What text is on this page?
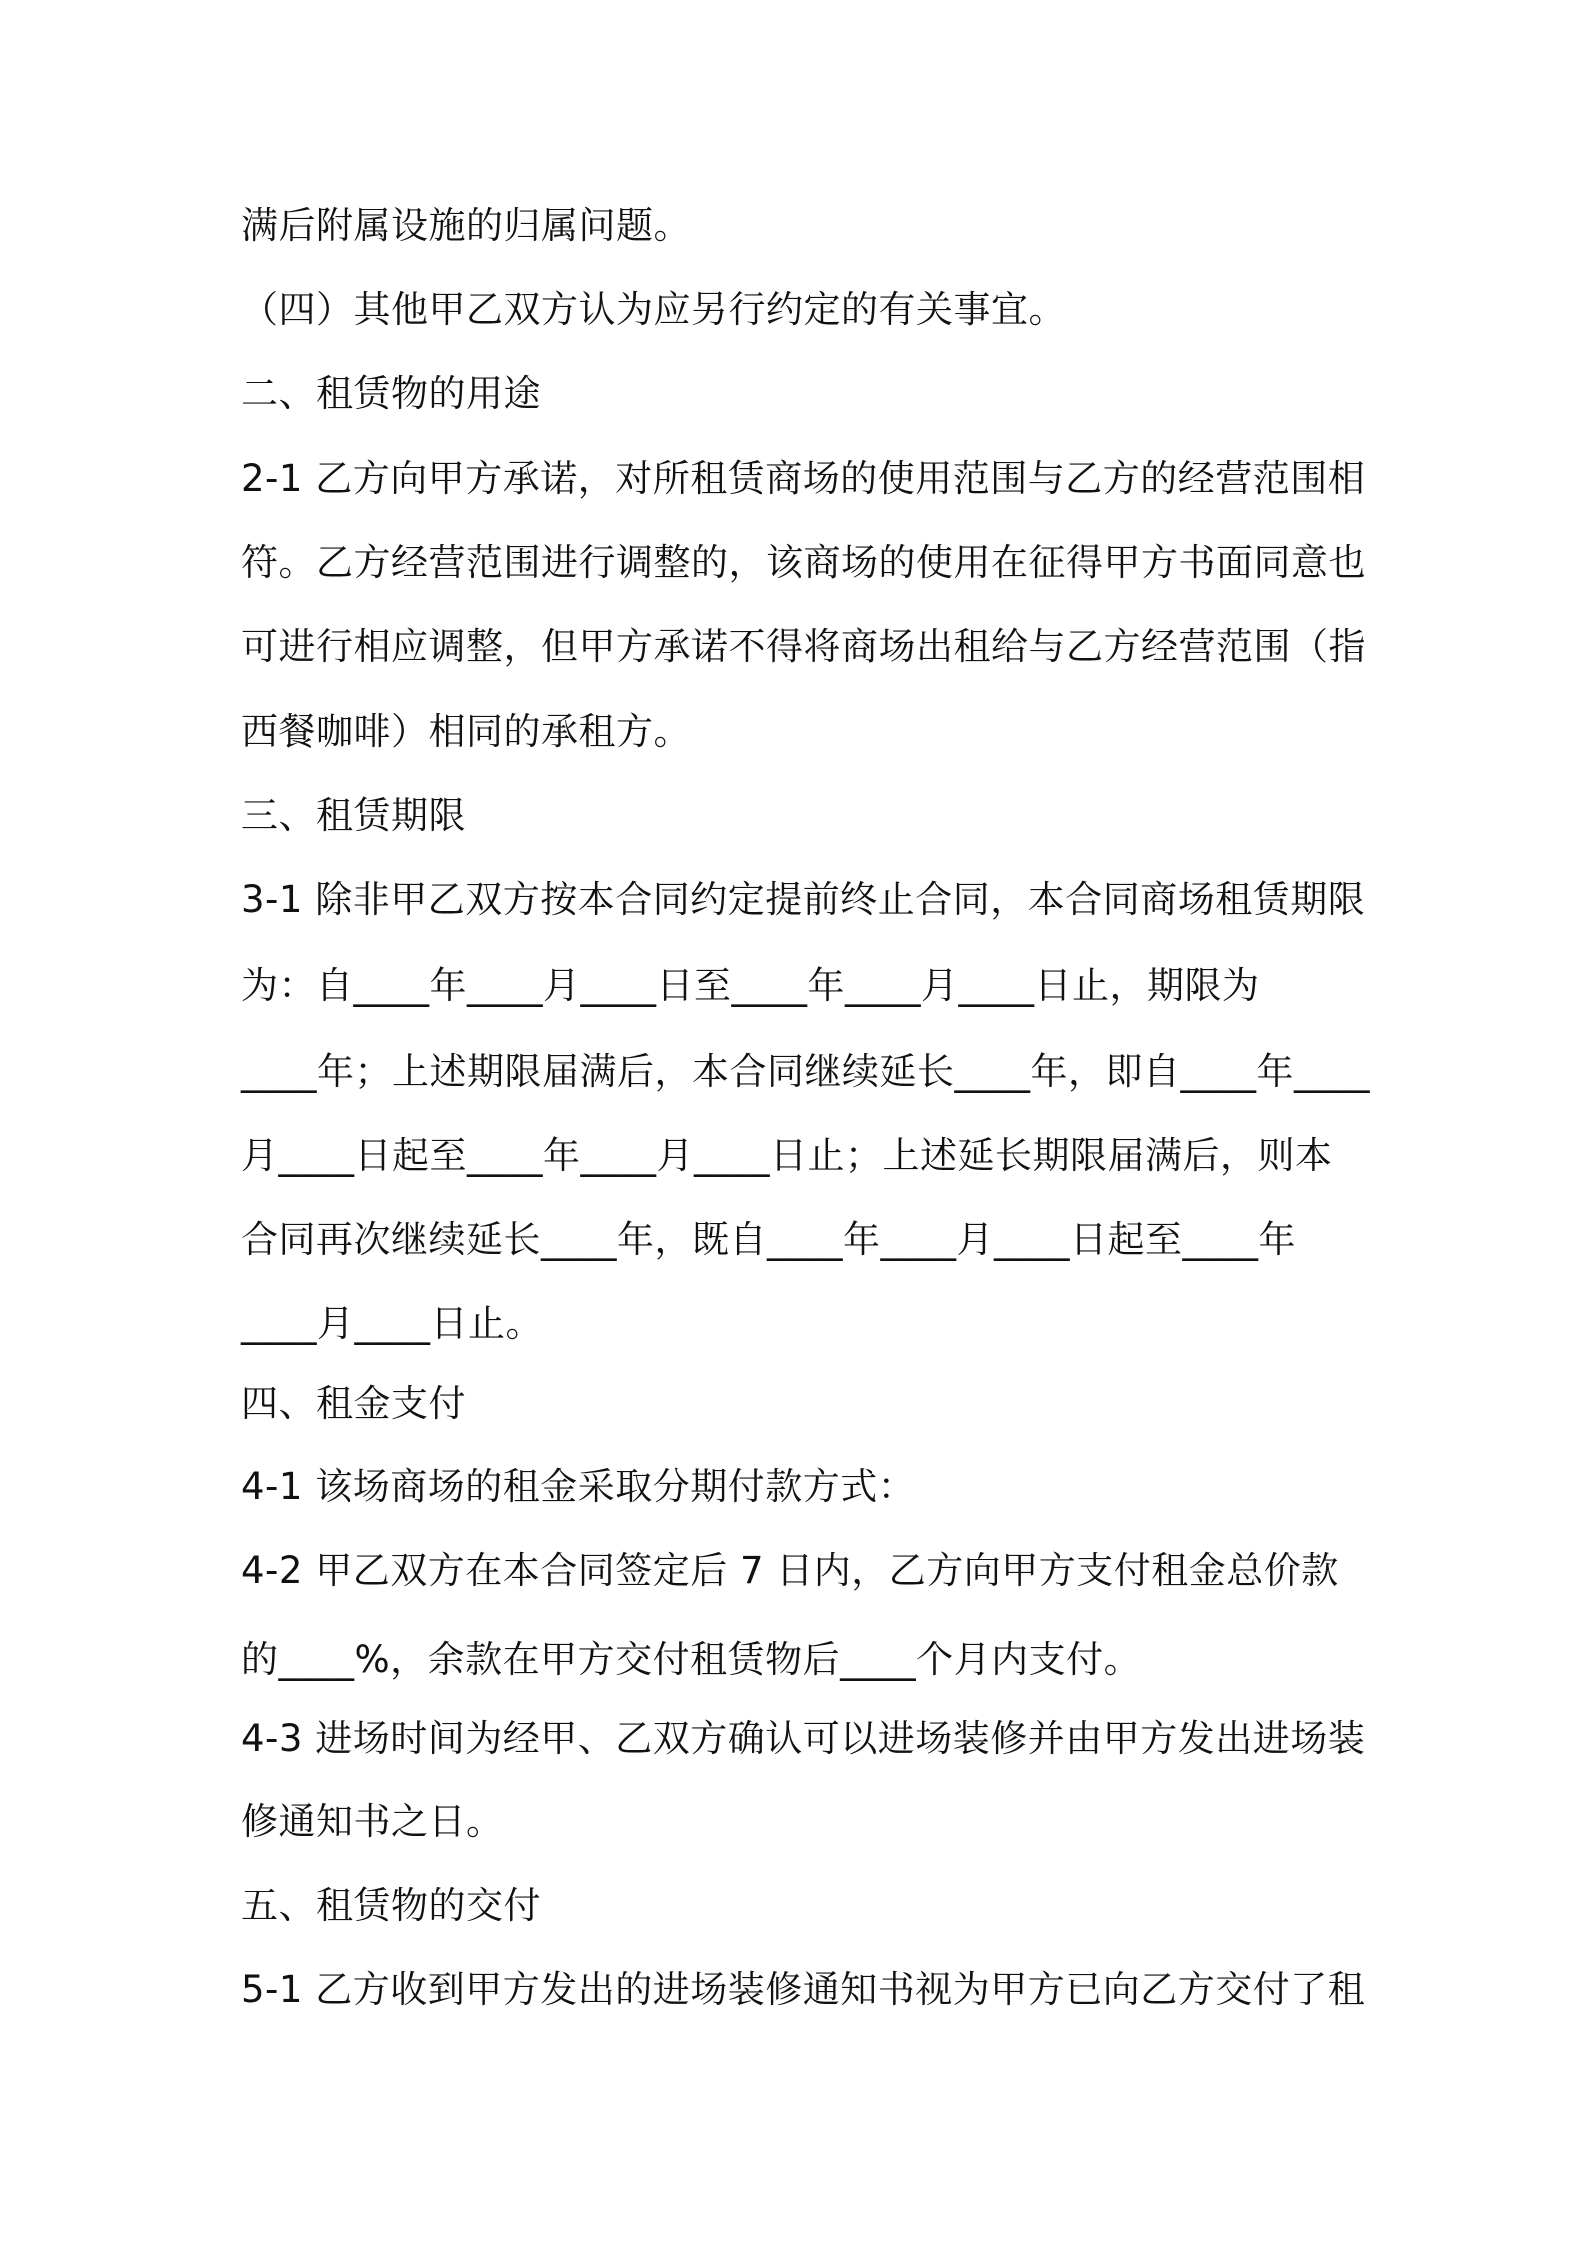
满后附属设施的归属问题。
（四）其他甲乙双方认为应另行约定的有关事宜。
二、租赁物的用途
2-1 乙方向甲方承诺，对所租赁商场的使用范围与乙方的经营范围相
符。乙方经营范围进行调整的，该商场的使用在征得甲方书面同意也
可进行相应调整，但甲方承诺不得将商场出租给与乙方经营范围（指
西餐咖啡）相同的承租方。
三、租赁期限
3-1 除非甲乙双方按本合同约定提前终止合同，本合同商场租赁期限
为：自____年____月____日至____年____月____日止，期限为
____年；上述期限届满后，本合同继续延长____年，即自____年____
月____日起至____年____月____日止；上述延长期限届满后，则本
合同再次继续延长____年，既自____年____月____日起至____年
____月____日止。
四、租金支付
4-1 该场商场的租金采取分期付款方式：
4-2 甲乙双方在本合同签定后 7 日内，乙方向甲方支付租金总价款
的____%，余款在甲方交付租赁物后____个月内支付。
4-3 进场时间为经甲、乙双方确认可以进场装修并由甲方发出进场装
修通知书之日。
五、租赁物的交付
5-1 乙方收到甲方发出的进场装修通知书视为甲方已向乙方交付了租
